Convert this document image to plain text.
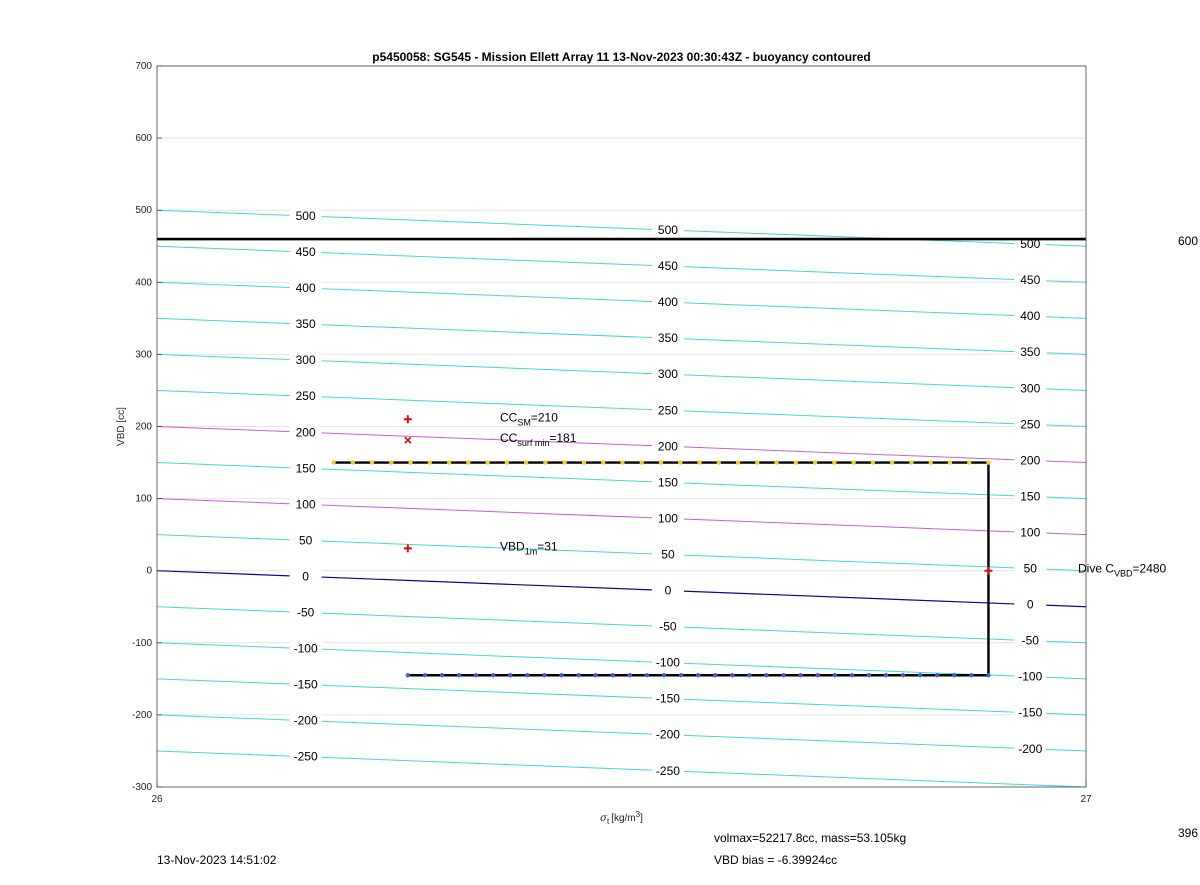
500
500
500
450
450
450
400
400
400
350
350
350
300
300
300
250
250
250
200
200
200
150
150
150
100
100
100
50
50
50
0
0
0
-50
-50
-50
-100
-100
-100
-150
-150
-150
-200
-200
-200
-250
-250
-300
-200
-100
0
100
200
300
400
500
600
700
26	27
p5450058: SG545 - Mission Ellett Array 11 13-Nov-2023 00:30:43Z - buoyancy contoured
VBD [cc]
$\sigma_t$ $[kg/m^3]$
600
$CC_{SM}=210$
$CC_{surf min}=181$
$VBD_{1m}=31$
Dive $C_{VBD}=2480$
396
volmax=52217.8cc, mass=53.105kg
13-Nov-2023 14:51:02	VBD bias = -6.39924cc
